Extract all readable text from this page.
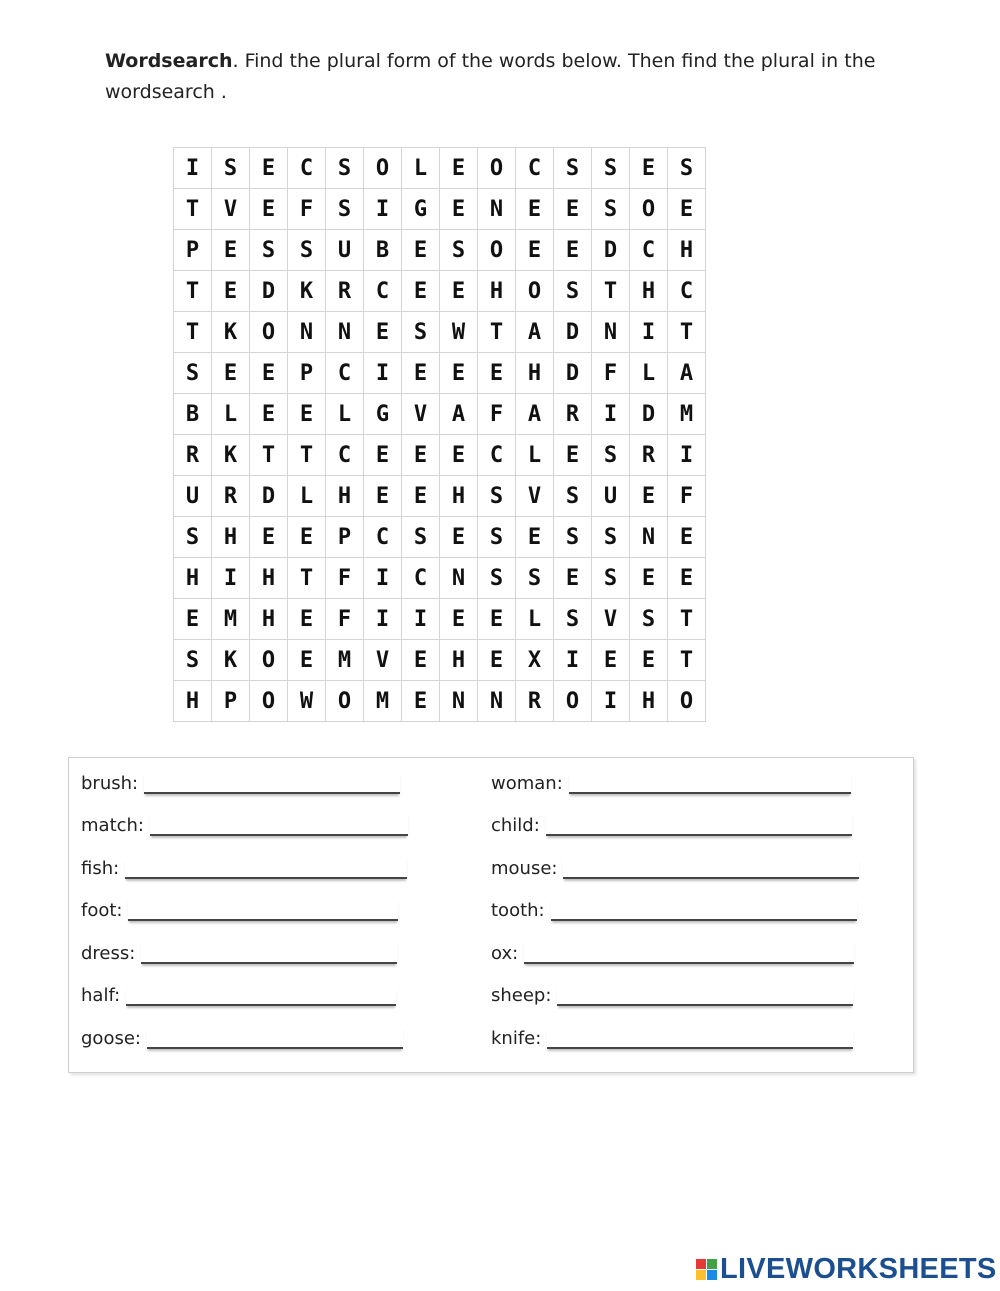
Wordsearch. Find the plural form of the words below. Then find the plural in the wordsearch .
I	S	E	C	S	O	L	E	O	C	S	S	E	S
T	V	E	F	S	I	G	E	N	E	E	S	O	E
P	E	S	S	U	B	E	S	O	E	E	D	C	H
T	E	D	K	R	C	E	E	H	O	S	T	H	C
T	K	O	N	N	E	S	W	T	A	D	N	I	T
S	E	E	P	C	I	E	E	E	H	D	F	L	A
B	L	E	E	L	G	V	A	F	A	R	I	D	M
R	K	T	T	C	E	E	E	C	L	E	S	R	I
U	R	D	L	H	E	E	H	S	V	S	U	E	F
S	H	E	E	P	C	S	E	S	E	S	S	N	E
H	I	H	T	F	I	C	N	S	S	E	S	E	E
E	M	H	E	F	I	I	E	E	L	S	V	S	T
S	K	O	E	M	V	E	H	E	X	I	E	E	T
H	P	O	W	O	M	E	N	N	R	O	I	H	O
brush:
match:
fish:
foot:
dress:
half:
goose:
woman:
child:
mouse:
tooth:
ox:
sheep:
knife:
LIVEWORKSHEETS
